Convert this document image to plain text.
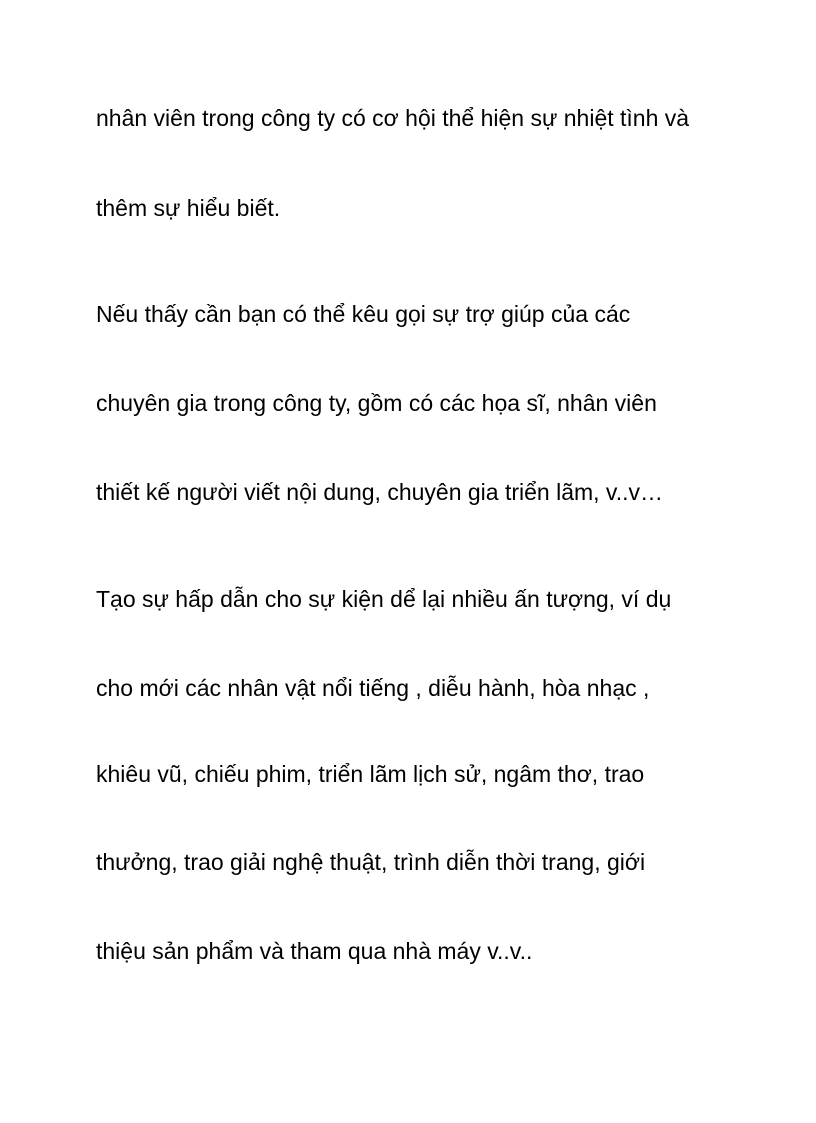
nhân viên trong công ty có cơ hội thể hiện sự nhiệt tình và

thêm sự hiểu biết.

Nếu thấy cần bạn có thể kêu gọi sự trợ giúp của các

chuyên gia trong công ty, gồm có các họa sĩ, nhân viên

thiết kế người viết nội dung, chuyên gia triển lãm, v..v…

Tạo sự hấp dẫn cho sự kiện dể lại nhiều ấn tượng, ví dụ

cho mới các nhân vật nổi tiếng , diễu hành, hòa nhạc ,

khiêu vũ, chiếu phim, triển lãm lịch sử, ngâm thơ, trao

thưởng, trao giải nghệ thuật, trình diễn thời trang, giới

thiệu sản phẩm và tham qua nhà máy v..v..
